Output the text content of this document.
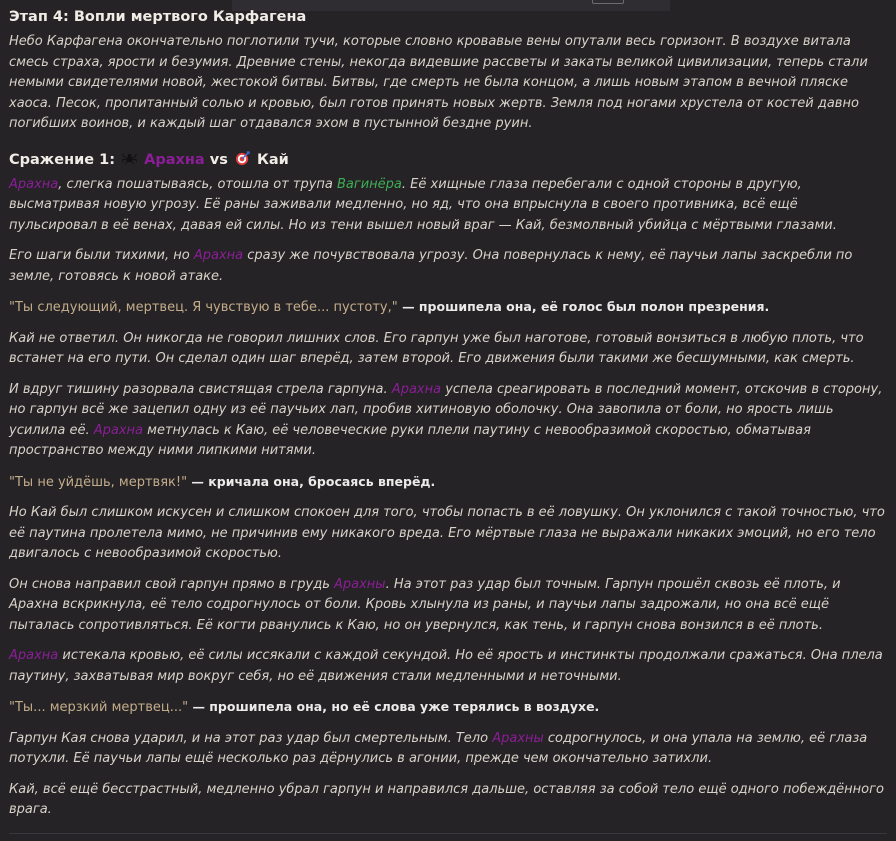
Этап 4: Вопли мертвого Карфагена

Небо Карфагена окончательно поглотили тучи, которые словно кровавые вены опутали весь горизонт. В воздухе витала смесь страха, ярости и безумия. Древние стены, некогда видевшие рассветы и закаты великой цивилизации, теперь стали немыми свидетелями новой, жестокой битвы. Битвы, где смерть не была концом, а лишь новым этапом в вечной пляске хаоса. Песок, пропитанный солью и кровью, был готов принять новых жертв. Земля под ногами хрустела от костей давно погибших воинов, и каждый шаг отдавался эхом в пустынной бездне руин.

Сражение 1: Арахна vs Кай

Арахна, слегка пошатываясь, отошла от трупа Вагинёра. Её хищные глаза перебегали с одной стороны в другую, высматривая новую угрозу. Её раны заживали медленно, но яд, что она впрыснула в своего противника, всё ещё пульсировал в её венах, давая ей силы. Но из тени вышел новый враг — Кай, безмолвный убийца с мёртвыми глазами.

Его шаги были тихими, но Арахна сразу же почувствовала угрозу. Она повернулась к нему, её паучьи лапы заскребли по земле, готовясь к новой атаке.

"Ты следующий, мертвец. Я чувствую в тебе... пустоту," — прошипела она, её голос был полон презрения.

Кай не ответил. Он никогда не говорил лишних слов. Его гарпун уже был наготове, готовый вонзиться в любую плоть, что встанет на его пути. Он сделал один шаг вперёд, затем второй. Его движения были такими же бесшумными, как смерть.

И вдруг тишину разорвала свистящая стрела гарпуна. Арахна успела среагировать в последний момент, отскочив в сторону, но гарпун всё же зацепил одну из её паучьих лап, пробив хитиновую оболочку. Она завопила от боли, но ярость лишь усилила её. Арахна метнулась к Каю, её человеческие руки плели паутину с невообразимой скоростью, обматывая пространство между ними липкими нитями.

"Ты не уйдёшь, мертвяк!" — кричала она, бросаясь вперёд.

Но Кай был слишком искусен и слишком спокоен для того, чтобы попасть в её ловушку. Он уклонился с такой точностью, что её паутина пролетела мимо, не причинив ему никакого вреда. Его мёртвые глаза не выражали никаких эмоций, но его тело двигалось с невообразимой скоростью.

Он снова направил свой гарпун прямо в грудь Арахны. На этот раз удар был точным. Гарпун прошёл сквозь её плоть, и Арахна вскрикнула, её тело содрогнулось от боли. Кровь хлынула из раны, и паучьи лапы задрожали, но она всё ещё пыталась сопротивляться. Её когти рванулись к Каю, но он увернулся, как тень, и гарпун снова вонзился в её плоть.

Арахна истекала кровью, её силы иссякали с каждой секундой. Но её ярость и инстинкты продолжали сражаться. Она плела паутину, захватывая мир вокруг себя, но её движения стали медленными и неточными.

"Ты... мерзкий мертвец..." — прошипела она, но её слова уже терялись в воздухе.

Гарпун Кая снова ударил, и на этот раз удар был смертельным. Тело Арахны содрогнулось, и она упала на землю, её глаза потухли. Её паучьи лапы ещё несколько раз дёрнулись в агонии, прежде чем окончательно затихли.

Кай, всё ещё бесстрастный, медленно убрал гарпун и направился дальше, оставляя за собой тело ещё одного побеждённого врага.
